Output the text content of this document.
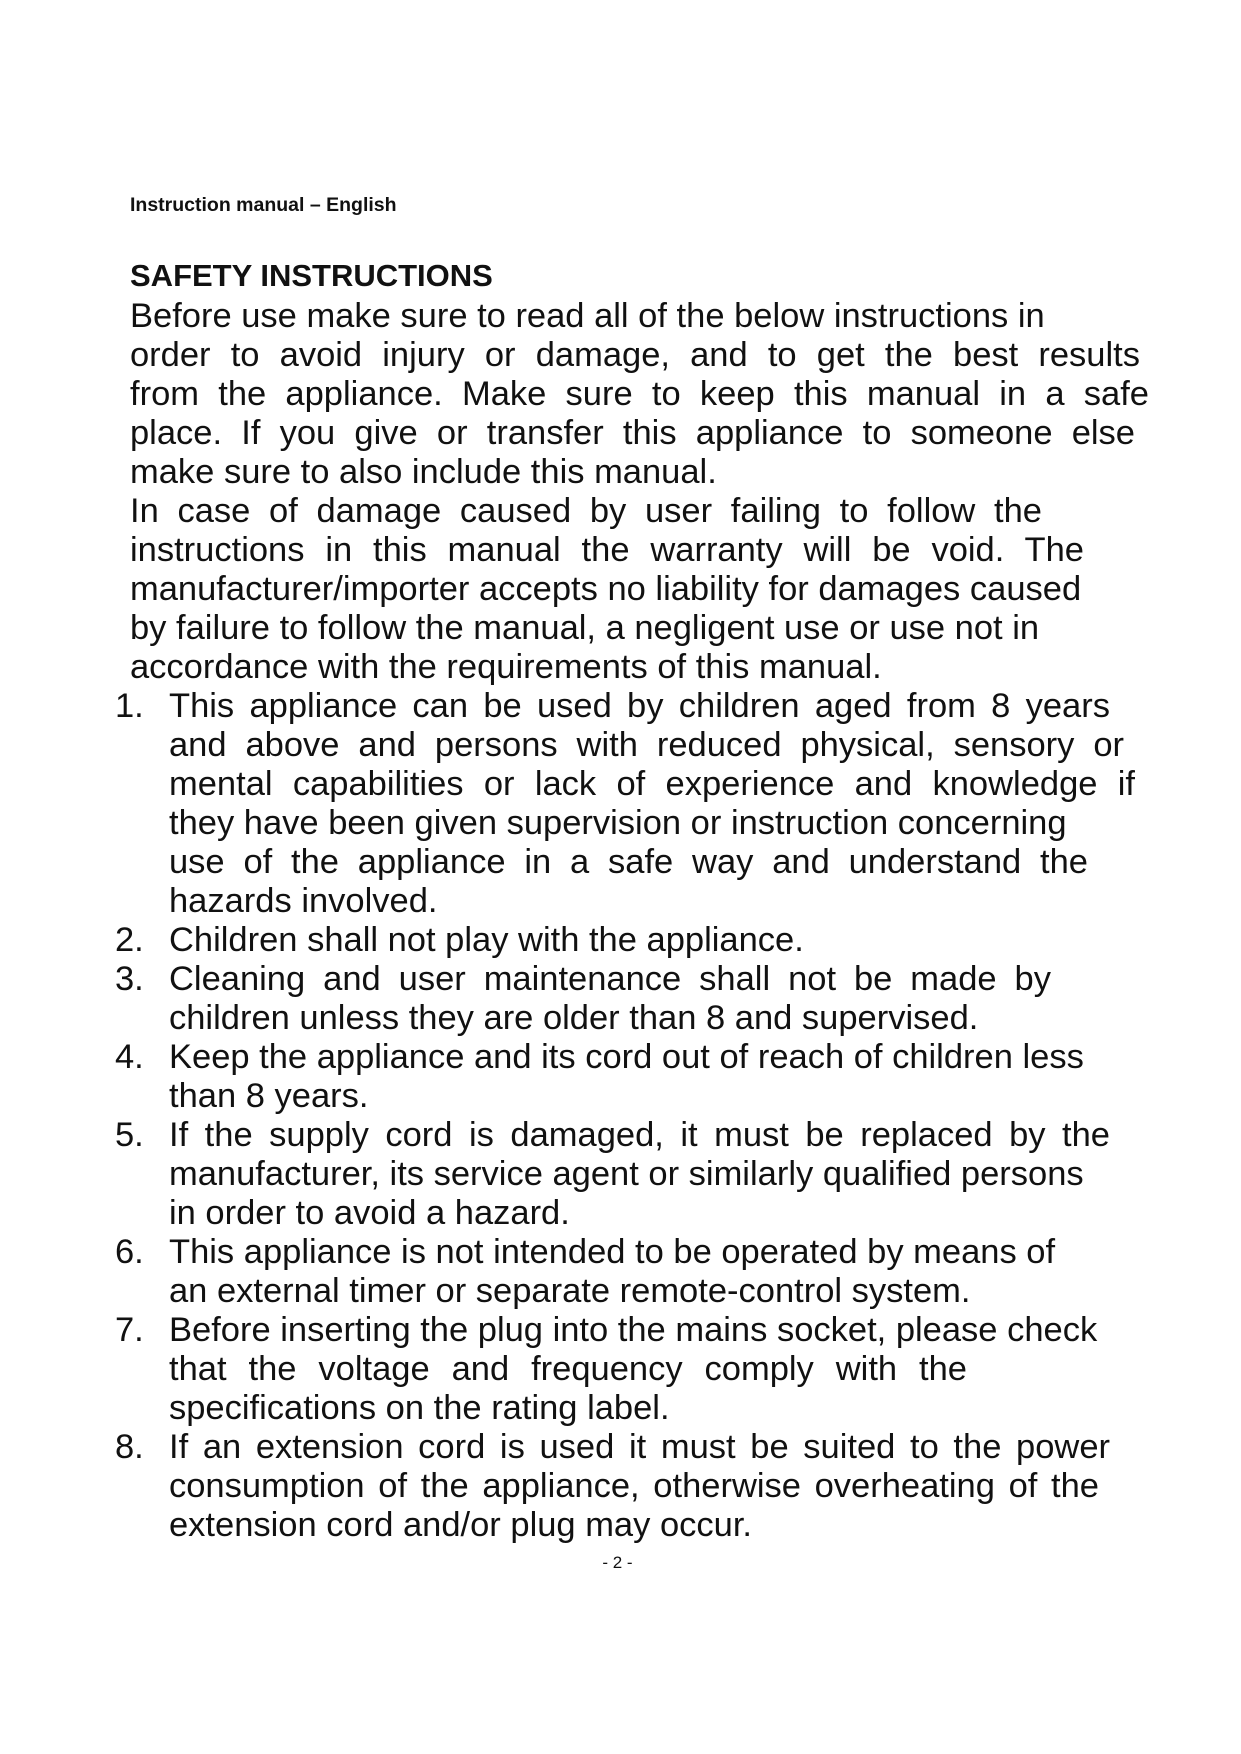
Instruction manual – English
SAFETY INSTRUCTIONS
Before use make sure to read all of the below instructions in
order to avoid injury or damage, and to get the best results
from the appliance. Make sure to keep this manual in a safe
place. If you give or transfer this appliance to someone else
make sure to also include this manual.
In case of damage caused by user failing to follow the
instructions in this manual the warranty will be void. The
manufacturer/importer accepts no liability for damages caused
by failure to follow the manual, a negligent use or use not in
accordance with the requirements of this manual.
1. This appliance can be used by children aged from 8 years
and above and persons with reduced physical, sensory or
mental capabilities or lack of experience and knowledge if
they have been given supervision or instruction concerning
use of the appliance in a safe way and understand the
hazards involved.
2. Children shall not play with the appliance.
3. Cleaning and user maintenance shall not be made by
children unless they are older than 8 and supervised.
4. Keep the appliance and its cord out of reach of children less
than 8 years.
5. If the supply cord is damaged, it must be replaced by the
manufacturer, its service agent or similarly qualified persons
in order to avoid a hazard.
6. This appliance is not intended to be operated by means of
an external timer or separate remote-control system.
7. Before inserting the plug into the mains socket, please check
that the voltage and frequency comply with the
specifications on the rating label.
8. If an extension cord is used it must be suited to the power
consumption of the appliance, otherwise overheating of the
extension cord and/or plug may occur.
- 2 -
